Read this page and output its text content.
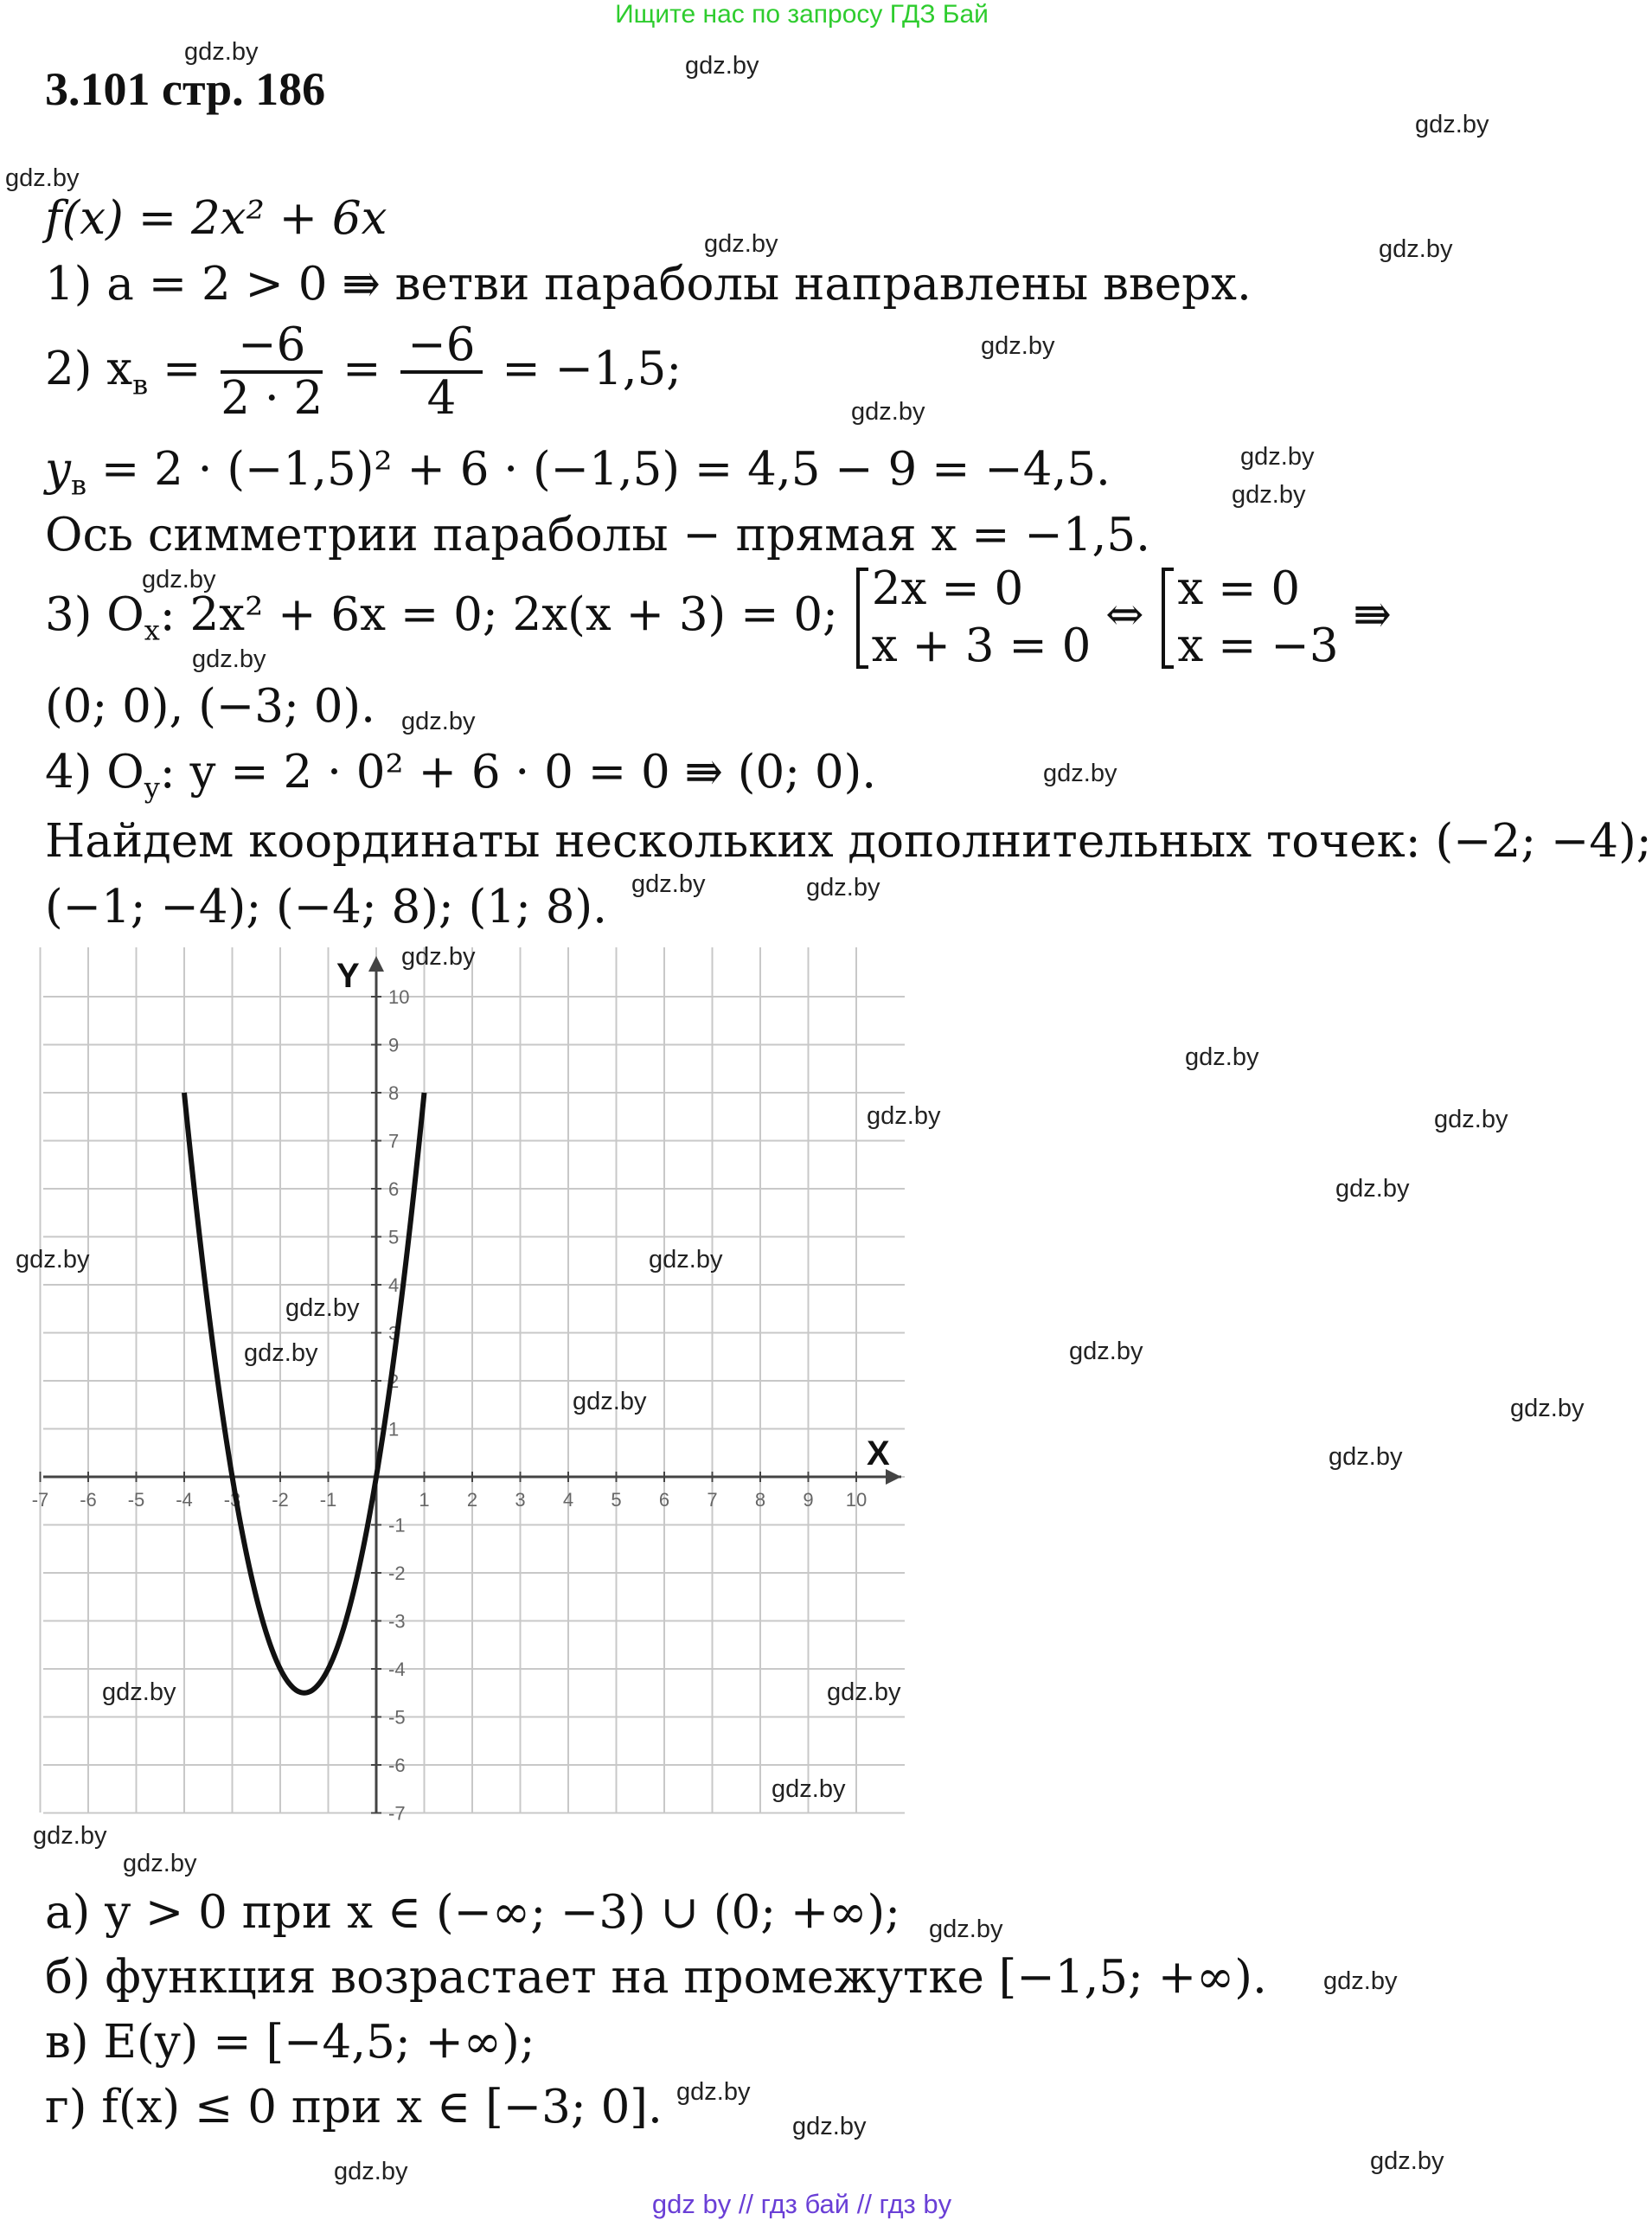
Ищите нас по запросу ГДЗ Бай
3.101 стр. 186
f(x) = 2x² + 6x
1) a = 2 > 0 ⇛ ветви параболы направлены вверх.
2) $x_в = \frac{-6}{2 \cdot 2} = \frac{-6}{4} = -1,5$;
$y_в = 2 \cdot (-1,5)^2 + 6 \cdot (-1,5) = 4,5 - 9 = -4,5$.
Ось симметрии параболы − прямая x = −1,5.
3) $O_x$: 2x² + 6x = 0; 2x(x + 3) = 0; 2x = 0
x + 3 = 0
⇔ x = 0
x = −3
⇛
(0; 0), (−3; 0).
4) $O_y$: y = 2 · 0² + 6 · 0 = 0 ⇛ (0; 0).
Найдем координаты нескольких дополнительных точек: (−2; −4);
(−1; −4); (−4; 8); (1; 8).
-7 -6 -5 -4 -3 -2 -1	1 2 3 4 5 6 7 8 9 10
10
9
8
7
6
5
4
3
2
1
-1
-2
-3
-4
-5
-6
-7
X
Y
а) y > 0 при x ∈ (−∞; −3) ∪ (0; +∞);
б) функция возрастает на промежутке [−1,5; +∞).
в) E(y) = [−4,5; +∞);
г) f(x) ≤ 0 при x ∈ [−3; 0].
gdz.by	gdz.by
gdz.by
gdz.by
gdz.by	gdz.by
gdz.by
gdz.by
gdz.by
gdz.by
gdz.by
gdz.by
gdz.by
gdz.by
gdz.by	gdz.by
gdz.by
gdz.by
gdz.by	gdz.by
gdz.by
gdz.by	gdz.by
gdz.by
gdz.by	gdz.by
gdz.by	gdz.by
gdz.by
gdz.by	gdz.by
gdz.by
gdz.by
gdz.by
gdz.by
gdz.by
gdz.by
gdz.by
gdz.by
gdz.by
gdz by // гдз бай // гдз by
